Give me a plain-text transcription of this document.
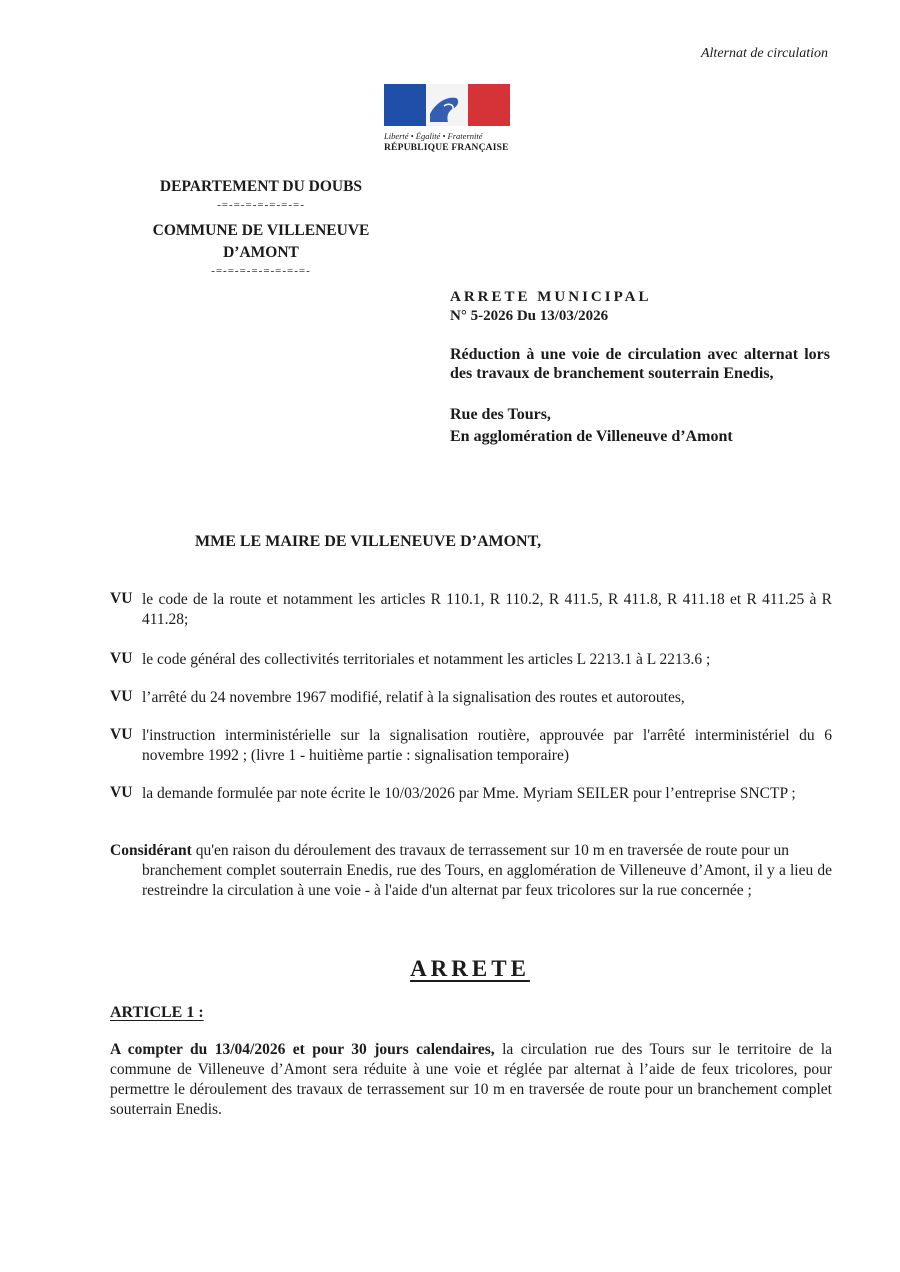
Alternat de circulation
Liberté • Égalité • Fraternité
RÉPUBLIQUE FRANÇAISE
DEPARTEMENT DU DOUBS
-=-=-=-=-=-=-=-
COMMUNE DE VILLENEUVE
D’AMONT
-=-=-=-=-=-=-=-=-
ARRETE MUNICIPAL
N° 5-2026 Du 13/03/2026
Réduction à une voie de circulation avec alternat lors des travaux de branchement souterrain Enedis,
Rue des Tours,
En agglomération de Villeneuve d’Amont
MME LE MAIRE DE VILLENEUVE D’AMONT,
VU le code de la route et notamment les articles R 110.1, R 110.2, R 411.5, R 411.8, R 411.18 et R 411.25 à R 411.28;
VU le code général des collectivités territoriales et notamment les articles L 2213.1 à L 2213.6 ;
VU l’arrêté du 24 novembre 1967 modifié, relatif à la signalisation des routes et autoroutes,
VU l'instruction interministérielle sur la signalisation routière, approuvée par l'arrêté interministériel du 6 novembre 1992 ; (livre 1 - huitième partie : signalisation temporaire)
VU la demande formulée par note écrite le 10/03/2026 par Mme. Myriam SEILER pour l’entreprise SNCTP ;
Considérant qu'en raison du déroulement des travaux de terrassement sur 10 m en traversée de route pour un
branchement complet souterrain Enedis, rue des Tours, en agglomération de Villeneuve d’Amont, il y a lieu de restreindre la circulation à une voie - à l'aide d'un alternat par feux tricolores sur la rue concernée ;
ARRETE
ARTICLE 1 :
A compter du 13/04/2026 et pour 30 jours calendaires, la circulation rue des Tours sur le territoire de la commune de Villeneuve d’Amont sera réduite à une voie et réglée par alternat à l’aide de feux tricolores, pour permettre le déroulement des travaux de terrassement sur 10 m en traversée de route pour un branchement complet souterrain Enedis.
